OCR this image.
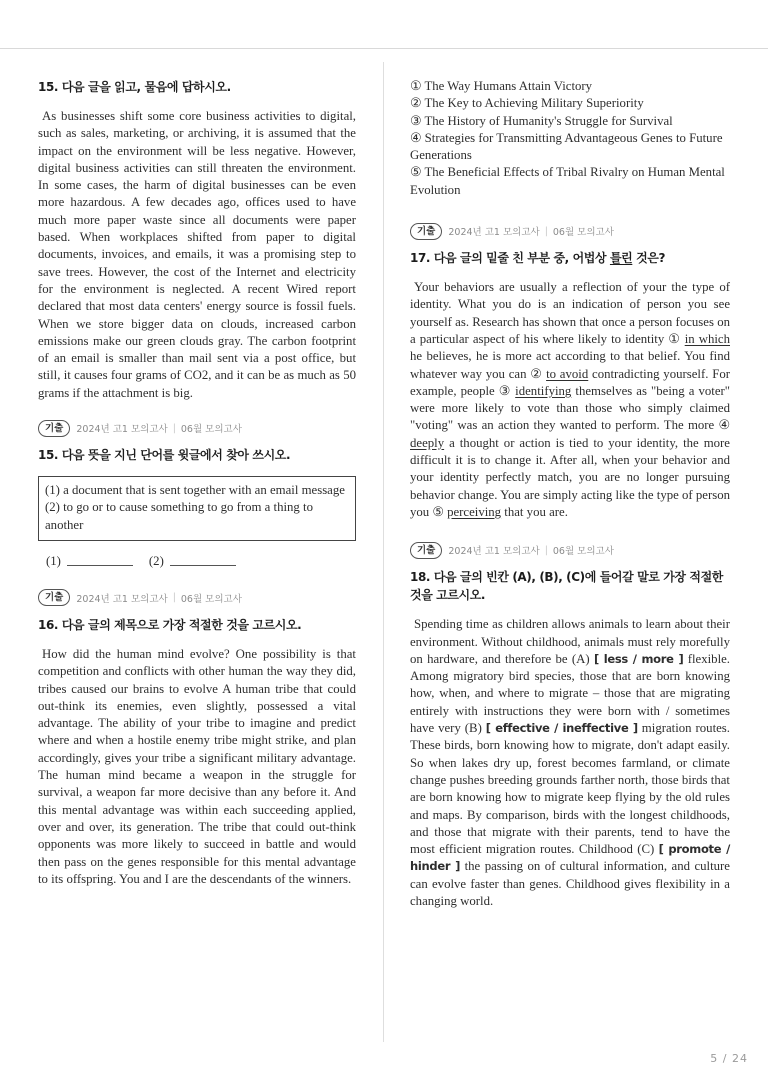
15. 다음 글을 읽고, 물음에 답하시오.

As businesses shift some core business activities to digital, such as sales, marketing, or archiving, it is assumed that the impact on the environment will be less negative. However, digital business activities can still threaten the environment. In some cases, the harm of digital businesses can be even more hazardous. A few decades ago, offices used to have much more paper waste since all documents were paper based. When workplaces shifted from paper to digital documents, invoices, and emails, it was a promising step to save trees. However, the cost of the Internet and electricity for the environment is neglected. A recent Wired report declared that most data centers' energy source is fossil fuels. When we store bigger data on clouds, increased carbon emissions make our green clouds gray. The carbon footprint of an email is smaller than mail sent via a post office, but still, it causes four grams of CO2, and it can be as much as 50 grams if the attachment is big.

기출	2024년 고1 모의고사 | 06월 모의고사
15. 다음 뜻을 지닌 단어를 윗글에서 찾아 쓰시오.
(1) a document that is sent together with an email message
(2) to go or to cause something to go from a thing to another
(1)	(2)
기출	2024년 고1 모의고사 | 06월 모의고사
16. 다음 글의 제목으로 가장 적절한 것을 고르시오.

How did the human mind evolve? One possibility is that competition and conflicts with other human the way they did, tribes caused our brains to evolve A human tribe that could out-think its enemies, even slightly, possessed a vital advantage. The ability of your tribe to imagine and predict where and when a hostile enemy tribe might strike, and plan accordingly, gives your tribe a significant military advantage. The human mind became a weapon in the struggle for survival, a weapon far more decisive than any before it. And this mental advantage was within each succeeding applied, over and over, its generation. The tribe that could out-think opponents was more likely to succeed in battle and would then pass on the genes responsible for this mental advantage to its offspring. You and I are the descendants of the winners.

① The Way Humans Attain Victory
② The Key to Achieving Military Superiority
③ The History of Humanity's Struggle for Survival
④ Strategies for Transmitting Advantageous Genes to Future Generations
⑤ The Beneficial Effects of Tribal Rivalry on Human Mental Evolution
기출	2024년 고1 모의고사 | 06월 모의고사
17. 다음 글의 밑줄 친 부분 중, 어법상 틀린 것은?

Your behaviors are usually a reflection of your the type of identity. What you do is an indication of person you see yourself as. Research has shown that once a person focuses on a particular aspect of his where likely to identity ① in which he believes, he is more act according to that belief. You find whatever way you can ② to avoid contradicting yourself. For example, people ③ identifying themselves as "being a voter" were more likely to vote than those who simply claimed "voting" was an action they wanted to perform. The more ④ deeply a thought or action is tied to your identity, the more difficult it is to change it. After all, when your behavior and your identity perfectly match, you are no longer pursuing behavior change. You are simply acting like the type of person you ⑤ perceiving that you are.

기출	2024년 고1 모의고사 | 06월 모의고사
18. 다음 글의 빈칸 (A), (B), (C)에 들어갈 말로 가장 적절한 것을 고르시오.

Spending time as children allows animals to learn about their environment. Without childhood, animals must rely morefully on hardware, and therefore be (A) [ less / more ] flexible. Among migratory bird species, those that are born knowing how, when, and where to migrate – those that are migrating entirely with instructions they were born with / sometimes have very (B) [ effective / ineffective ] migration routes. These birds, born knowing how to migrate, don't adapt easily. So when lakes dry up, forest becomes farmland, or climate change pushes breeding grounds farther north, those birds that are born knowing how to migrate keep flying by the old rules and maps. By comparison, birds with the longest childhoods, and those that migrate with their parents, tend to have the most efficient migration routes. Childhood (C) [ promote / hinder ] the passing on of cultural information, and culture can evolve faster than genes. Childhood gives flexibility in a changing world.

5 / 24
